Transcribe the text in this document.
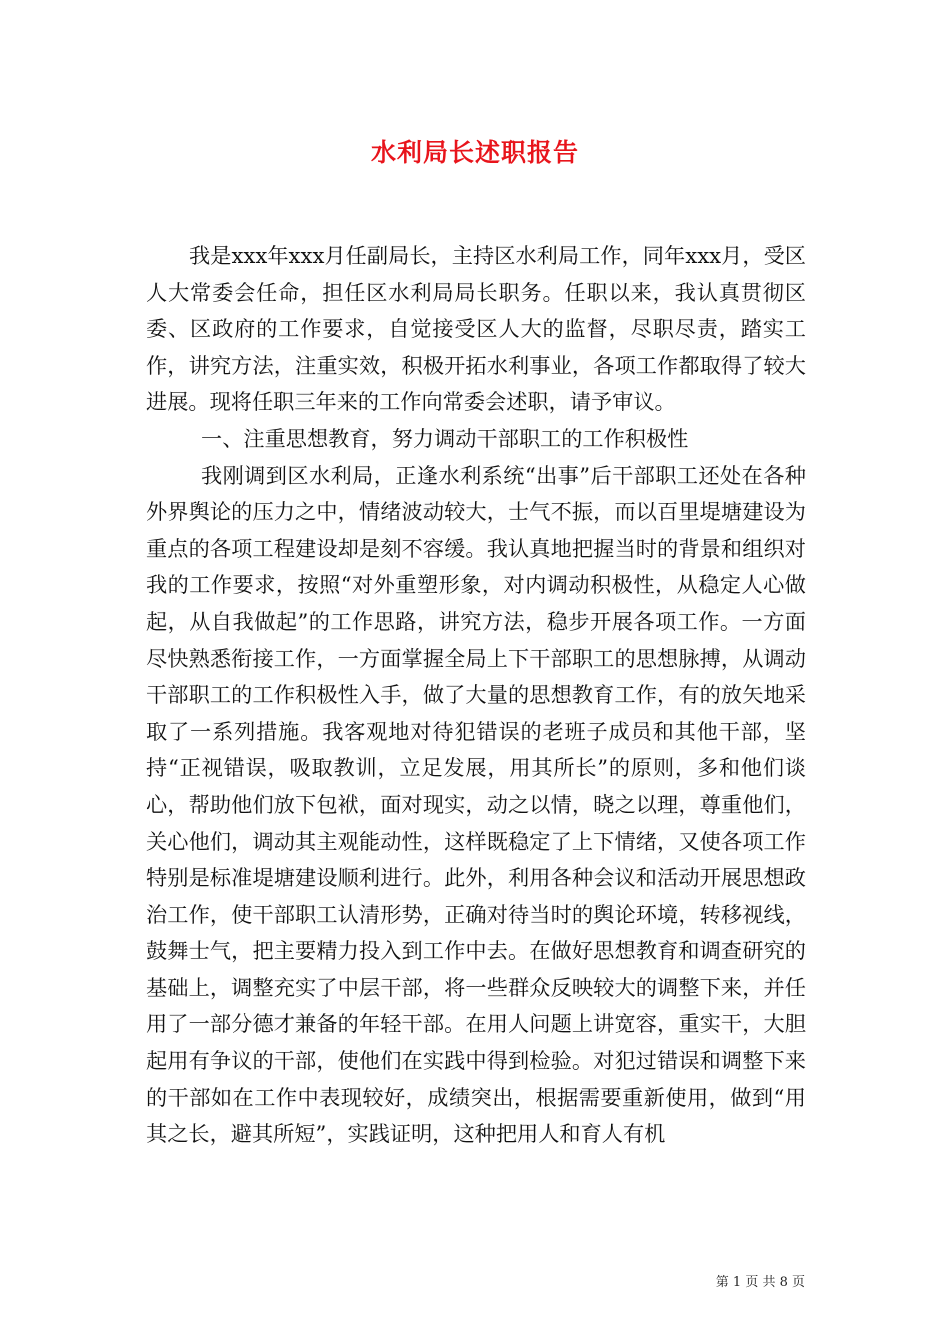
水利局长述职报告

我是xxx年xxx月任副局长，主持区水利局工作，同年xxx月，受区人大常委会任命，担任区水利局局长职务。任职以来，我认真贯彻区委、区政府的工作要求，自觉接受区人大的监督，尽职尽责，踏实工作，讲究方法，注重实效，积极开拓水利事业，各项工作都取得了较大进展。现将任职三年来的工作向常委会述职，请予审议。

一、注重思想教育，努力调动干部职工的工作积极性

我刚调到区水利局，正逢水利系统“出事”后干部职工还处在各种外界舆论的压力之中，情绪波动较大，士气不振，而以百里堤塘建设为重点的各项工程建设却是刻不容缓。我认真地把握当时的背景和组织对我的工作要求，按照“对外重塑形象，对内调动积极性，从稳定人心做起，从自我做起”的工作思路，讲究方法，稳步开展各项工作。一方面尽快熟悉衔接工作，一方面掌握全局上下干部职工的思想脉搏，从调动干部职工的工作积极性入手，做了大量的思想教育工作，有的放矢地采取了一系列措施。我客观地对待犯错误的老班子成员和其他干部，坚持“正视错误，吸取教训，立足发展，用其所长”的原则，多和他们谈心，帮助他们放下包袱，面对现实，动之以情，晓之以理，尊重他们，关心他们，调动其主观能动性，这样既稳定了上下情绪，又使各项工作特别是标准堤塘建设顺利进行。此外，利用各种会议和活动开展思想政治工作，使干部职工认清形势，正确对待当时的舆论环境，转移视线，鼓舞士气，把主要精力投入到工作中去。在做好思想教育和调查研究的基础上，调整充实了中层干部，将一些群众反映较大的调整下来，并任用了一部分德才兼备的年轻干部。在用人问题上讲宽容，重实干，大胆起用有争议的干部，使他们在实践中得到检验。对犯过错误和调整下来的干部如在工作中表现较好，成绩突出，根据需要重新使用，做到“用其之长，避其所短”，实践证明，这种把用人和育人有机

第 1 页 共 8 页
